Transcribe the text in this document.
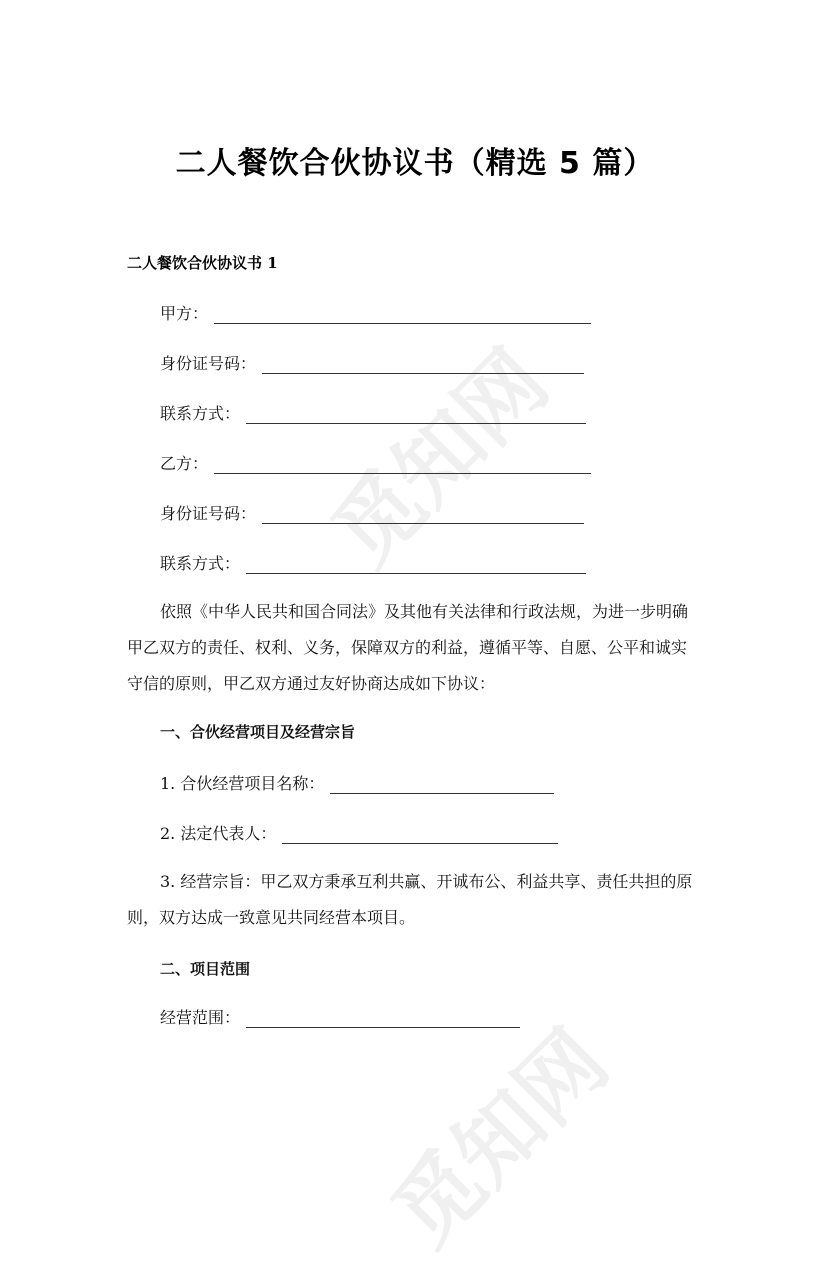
觅知网
觅知网
二人餐饮合伙协议书（精选 5 篇）
二人餐饮合伙协议书 1
甲方：
身份证号码：
联系方式：
乙方：
身份证号码：
联系方式：
依照《中华人民共和国合同法》及其他有关法律和行政法规，为进一步明确
甲乙双方的责任、权利、义务，保障双方的利益，遵循平等、自愿、公平和诚实
守信的原则，甲乙双方通过友好协商达成如下协议：
一、合伙经营项目及经营宗旨
1. 合伙经营项目名称：
2. 法定代表人：
3. 经营宗旨：甲乙双方秉承互利共赢、开诚布公、利益共享、责任共担的原
则，双方达成一致意见共同经营本项目。
二、项目范围
经营范围：
